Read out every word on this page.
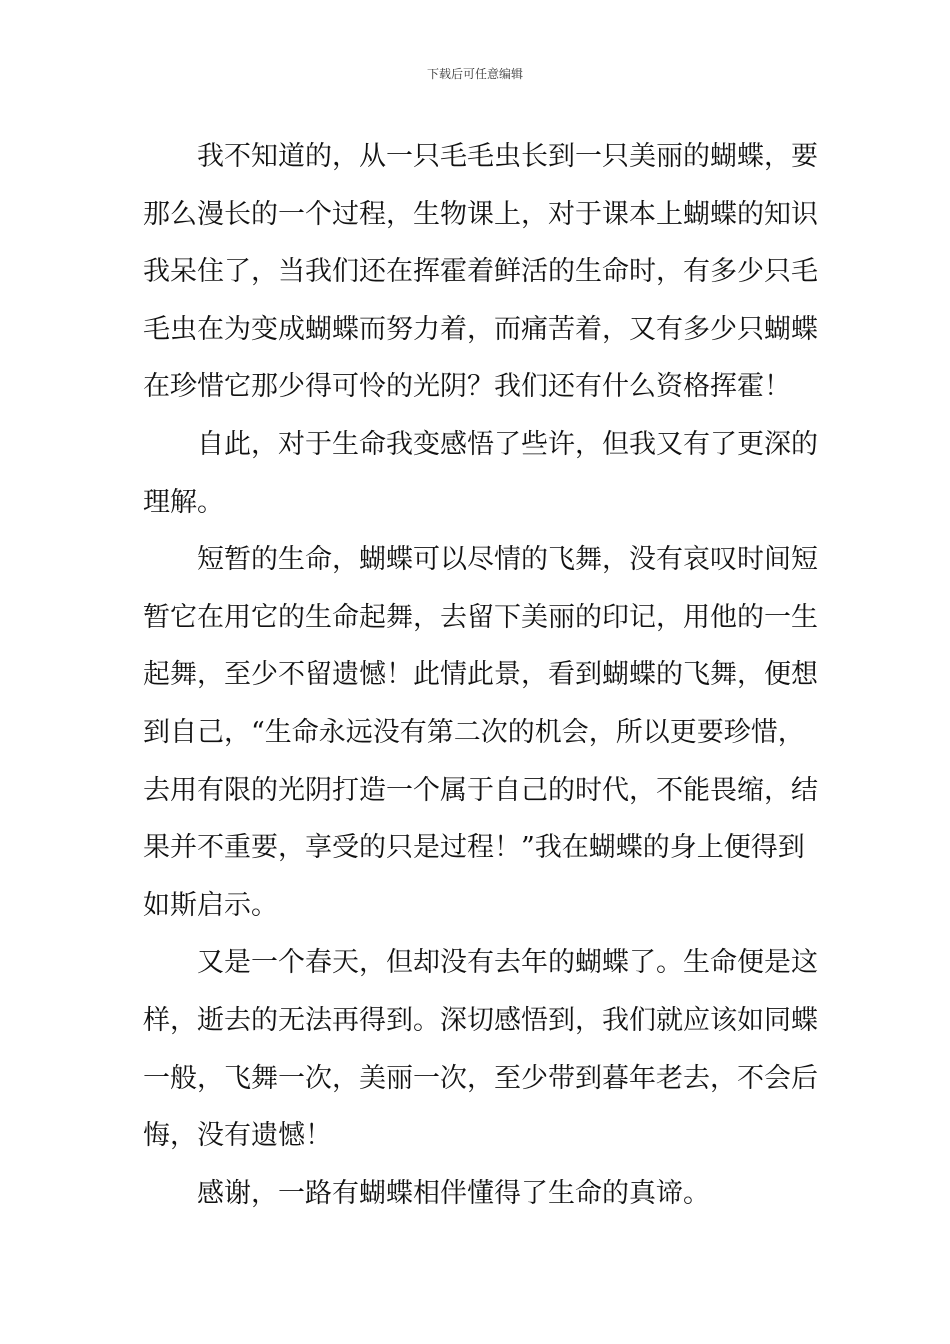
下载后可任意编辑
我不知道的，从一只毛毛虫长到一只美丽的蝴蝶，要
那么漫长的一个过程，生物课上，对于课本上蝴蝶的知识
我呆住了，当我们还在挥霍着鲜活的生命时，有多少只毛
毛虫在为变成蝴蝶而努力着，而痛苦着，又有多少只蝴蝶
在珍惜它那少得可怜的光阴？我们还有什么资格挥霍！
自此，对于生命我变感悟了些许，但我又有了更深的
理解。
短暂的生命，蝴蝶可以尽情的飞舞，没有哀叹时间短
暂它在用它的生命起舞，去留下美丽的印记，用他的一生
起舞，至少不留遗憾！此情此景，看到蝴蝶的飞舞，便想
到自己，“生命永远没有第二次的机会，所以更要珍惜，
去用有限的光阴打造一个属于自己的时代，不能畏缩，结
果并不重要，享受的只是过程！”我在蝴蝶的身上便得到
如斯启示。
又是一个春天，但却没有去年的蝴蝶了。生命便是这
样，逝去的无法再得到。深切感悟到，我们就应该如同蝶
一般，飞舞一次，美丽一次，至少带到暮年老去，不会后
悔，没有遗憾！
感谢，一路有蝴蝶相伴懂得了生命的真谛。
